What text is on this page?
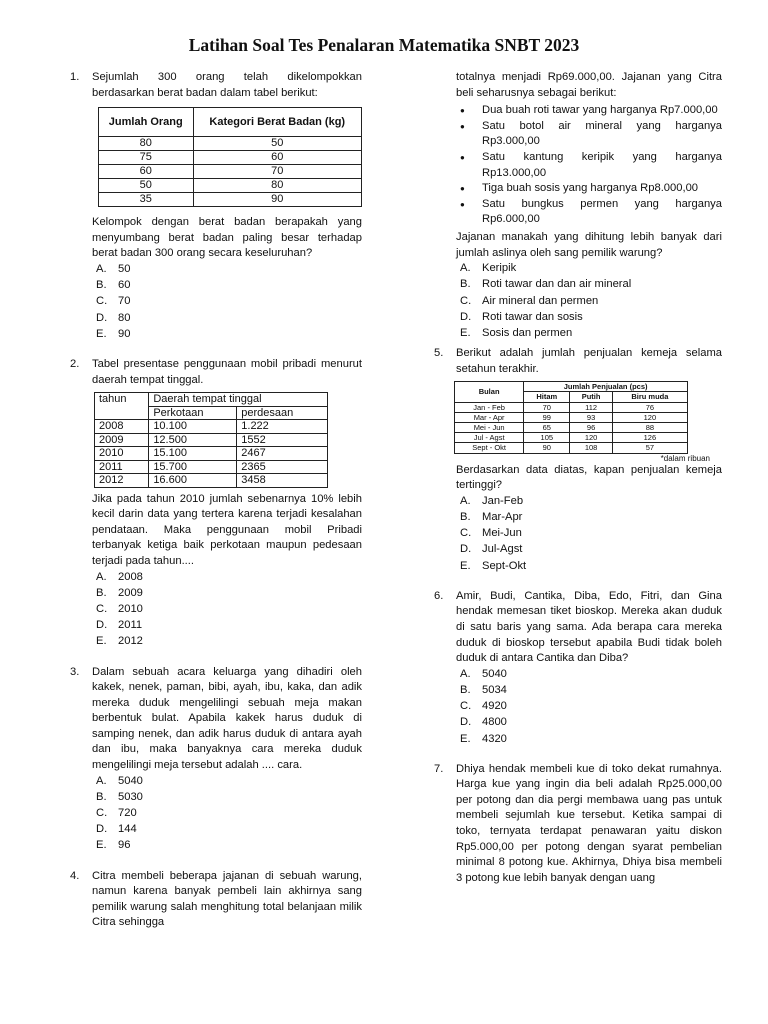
Latihan Soal Tes Penalaran Matematika SNBT 2023
1. Sejumlah 300 orang telah dikelompokkan berdasarkan berat badan dalam tabel berikut:
Jumlah Orang	Kategori Berat Badan (kg)
80	50
75	60
60	70
50	80
35	90
Kelompok dengan berat badan berapakah yang menyumbang berat badan paling besar terhadap berat badan 300 orang secara keseluruhan?
A. 50
B. 60
C. 70
D. 80
E. 90
2. Tabel presentase penggunaan mobil pribadi menurut daerah tempat tinggal.
tahun	Daerah tempat tinggal	
	Perkotaan	perdesaan
2008	10.100	1.222
2009	12.500	1552
2010	15.100	2467
2011	15.700	2365
2012	16.600	3458
Jika pada tahun 2010 jumlah sebenarnya 10% lebih kecil darin data yang tertera karena terjadi kesalahan pendataan. Maka penggunaan mobil Pribadi terbanyak ketiga baik perkotaan maupun pedesaan terjadi pada tahun....
A. 2008
B. 2009
C. 2010
D. 2011
E. 2012
3. Dalam sebuah acara keluarga yang dihadiri oleh kakek, nenek, paman, bibi, ayah, ibu, kaka, dan adik mereka duduk mengelilingi sebuah meja makan berbentuk bulat. Apabila kakek harus duduk di samping nenek, dan adik harus duduk di antara ayah dan ibu, maka banyaknya cara mereka duduk mengelilingi meja tersebut adalah .... cara.
A. 5040
B. 5030
C. 720
D. 144
E. 96
4. Citra membeli beberapa jajanan di sebuah warung, namun karena banyak pembeli lain akhirnya sang pemilik warung salah menghitung total belanjaan milik Citra sehingga
totalnya menjadi Rp69.000,00. Jajanan yang Citra beli seharusnya sebagai berikut:
● Dua buah roti tawar yang harganya Rp7.000,00
● Satu botol air mineral yang harganya Rp3.000,00
● Satu kantung keripik yang harganya Rp13.000,00
● Tiga buah sosis yang harganya Rp8.000,00
● Satu bungkus permen yang harganya Rp6.000,00
Jajanan manakah yang dihitung lebih banyak dari jumlah aslinya oleh sang pemilik warung?
A. Keripik
B. Roti tawar dan dan air mineral
C. Air mineral dan permen
D. Roti tawar dan sosis
E. Sosis dan permen
5. Berikut adalah jumlah penjualan kemeja selama setahun terakhir.
Bulan	Jumlah Penjualan (pcs)		
	Hitam	Putih	Biru muda
Jan - Feb	70	112	76
Mar - Apr	99	93	120
Mei - Jun	65	96	88
Jul - Agst	105	120	126
Sept - Okt	90	108	57
*dalam ribuan
Berdasarkan data diatas, kapan penjualan kemeja tertinggi?
A. Jan-Feb
B. Mar-Apr
C. Mei-Jun
D. Jul-Agst
E. Sept-Okt
6. Amir, Budi, Cantika, Diba, Edo, Fitri, dan Gina hendak memesan tiket bioskop. Mereka akan duduk di satu baris yang sama. Ada berapa cara mereka duduk di bioskop tersebut apabila Budi tidak boleh duduk di antara Cantika dan Diba?
A. 5040
B. 5034
C. 4920
D. 4800
E. 4320
7. Dhiya hendak membeli kue di toko dekat rumahnya. Harga kue yang ingin dia beli adalah Rp25.000,00 per potong dan dia pergi membawa uang pas untuk membeli sejumlah kue tersebut. Ketika sampai di toko, ternyata terdapat penawaran yaitu diskon Rp5.000,00 per potong dengan syarat pembelian minimal 8 potong kue. Akhirnya, Dhiya bisa membeli 3 potong kue lebih banyak dengan uang
